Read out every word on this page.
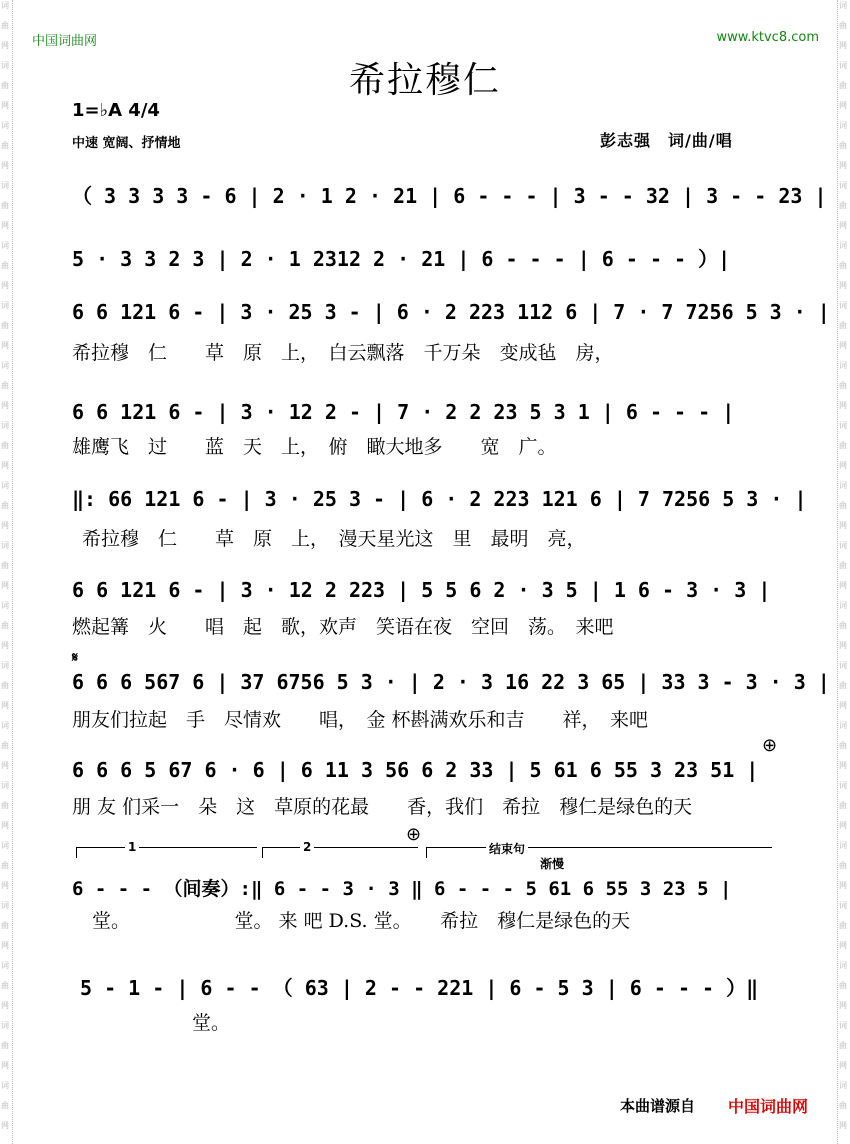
词
曲
网
词
曲
网
词
曲
网
词
曲
网
词
曲
网
词
曲
网
词
曲
网
词
曲
网
词
曲
网
词
曲
网
词
曲
网
词
曲
网
词
曲
网
词
曲
网
词
曲
网
词
曲
网
词
曲
网
词
曲
网
词
曲
网
词
曲
网
词
曲
网
词
曲
网
词
曲
网
词
曲
网
词
曲
网
词
曲
网
词
曲
网
词
曲
网
词
曲
网
词
曲
网
词
曲
网
词
曲
网
词
曲
网
词
曲
网
词
曲
网
词
曲
网
词
曲
网
词
曲
网
中国词曲网	www.ktvc8.com
希拉穆仁
1=♭A 4/4
中速 宽阔、抒情地	彭志强　词/曲/唱
（ 3 3 3 3 - 6 | 2 · 1 2 · 21 | 6 - - - | 3 - - 32 | 3 - - 23 |
5 · 3 3 2 3 | 2 · 1 2312 2 · 21 | 6 - - - | 6 - - - ）|
6 6 121 6 - | 3 · 25 3 - | 6 · 2 223 112 6 | 7 · 7 7256 5 3 · |
希拉穆　仁　　草　原　上，　白云飘落　千万朵　变成毡　房，
6 6 121 6 - | 3 · 12 2 - | 7 · 2 2 23 5 3 1 | 6 - - - |
雄鹰飞　过　　蓝　天　上，　俯　瞰大地多　　宽　广。
‖: 66 121 6 - | 3 · 25 3 - | 6 · 2 223 121 6 | 7 7256 5 3 · |
希拉穆　仁　　草　原　上，　漫天星光这　里　最明　亮，
6 6 121 6 - | 3 · 12 2 223 | 5 5 6 2 · 3 5 | 1 6 - 3 · 3 |
燃起篝　火　　唱　起　歌，欢声　笑语在夜　空回　荡。　来吧
𝄋
6 6 6 567 6 | 37 6756 5 3 · | 2 · 3 16 22 3 65 | 33 3 - 3 · 3 |
朋友们拉起　手　尽情欢　　唱，　金 杯斟满欢乐和吉　　祥，　来吧
6 6 6 5 67 6 · 6 | 6 11 3 56 6 2 33 | 5 61 6 55 3 23 51 |
朋 友 们采一　朵　这　草原的花最　　香，我们　希拉　穆仁是绿色的天
⊕
1	2
⊕
结束句
渐慢
6 - - - （间奏）:‖ 6 - - 3 · 3 ‖ 6 - - - 5 61 6 55 3 23 5 |
堂。　　　　　　堂。 来 吧 D.S. 堂。　　希拉　穆仁是绿色的天
5 - 1 - | 6 - - （ 63 | 2 - - 221 | 6 - 5 3 | 6 - - - ）‖
　　　　 堂。
本曲谱源自 中国词曲网
